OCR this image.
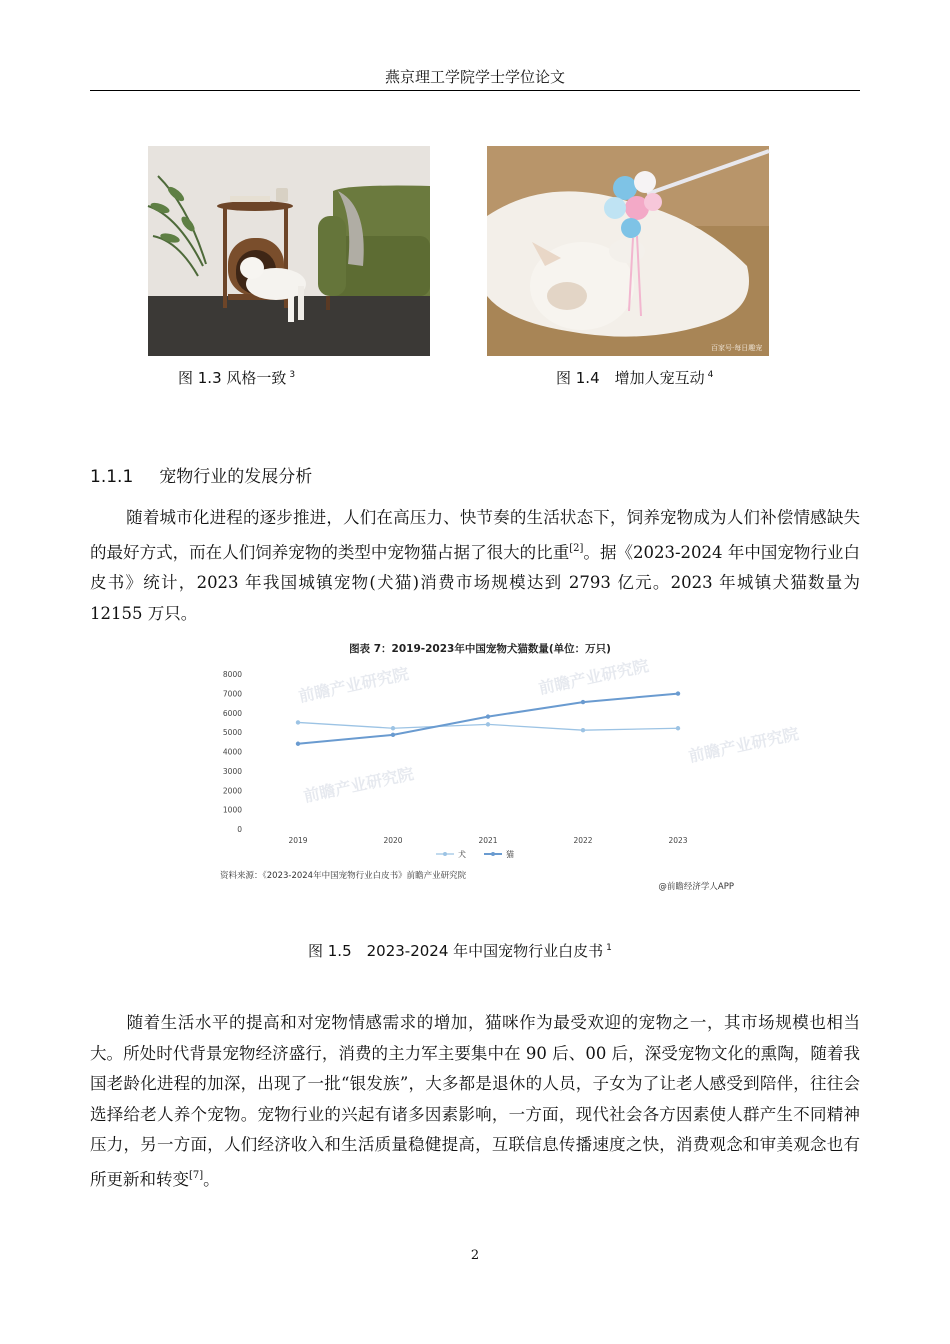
燕京理工学院学士学位论文
图 1.3 风格一致 $^3$
百家号·每日趣宠
图 1.4　增加人宠互动 $^4$
1.1.1 宠物行业的发展分析

随着城市化进程的逐步推进，人们在高压力、快节奏的生活状态下，饲养宠物成为人们补偿情感缺失的最好方式，而在人们饲养宠物的类型中宠物猫占据了很大的比重[2]。据《2023-2024 年中国宠物行业白皮书》统计，2023 年我国城镇宠物(犬猫)消费市场规模达到 2793 亿元。2023 年城镇犬猫数量为 12155 万只。

图表 7：2019-2023年中国宠物犬猫数量(单位：万只)
前瞻产业研究院	前瞻产业研究院
前瞻产业研究院
前瞻产业研究院
0
1000
2000
3000
4000
5000
6000
7000
8000
2019	2020	2021	2022	2023
犬	猫
资料来源：《2023-2024年中国宠物行业白皮书》前瞻产业研究院
@前瞻经济学人APP
图 1.5　2023-2024 年中国宠物行业白皮书 $^1$

随着生活水平的提高和对宠物情感需求的增加，猫咪作为最受欢迎的宠物之一，其市场规模也相当大。所处时代背景宠物经济盛行，消费的主力军主要集中在 90 后、00 后，深受宠物文化的熏陶，随着我国老龄化进程的加深，出现了一批“银发族”，大多都是退休的人员，子女为了让老人感受到陪伴，往往会选择给老人养个宠物。宠物行业的兴起有诸多因素影响，一方面，现代社会各方因素使人群产生不同精神压力，另一方面，人们经济收入和生活质量稳健提高，互联信息传播速度之快，消费观念和审美观念也有所更新和转变[7]。

2
